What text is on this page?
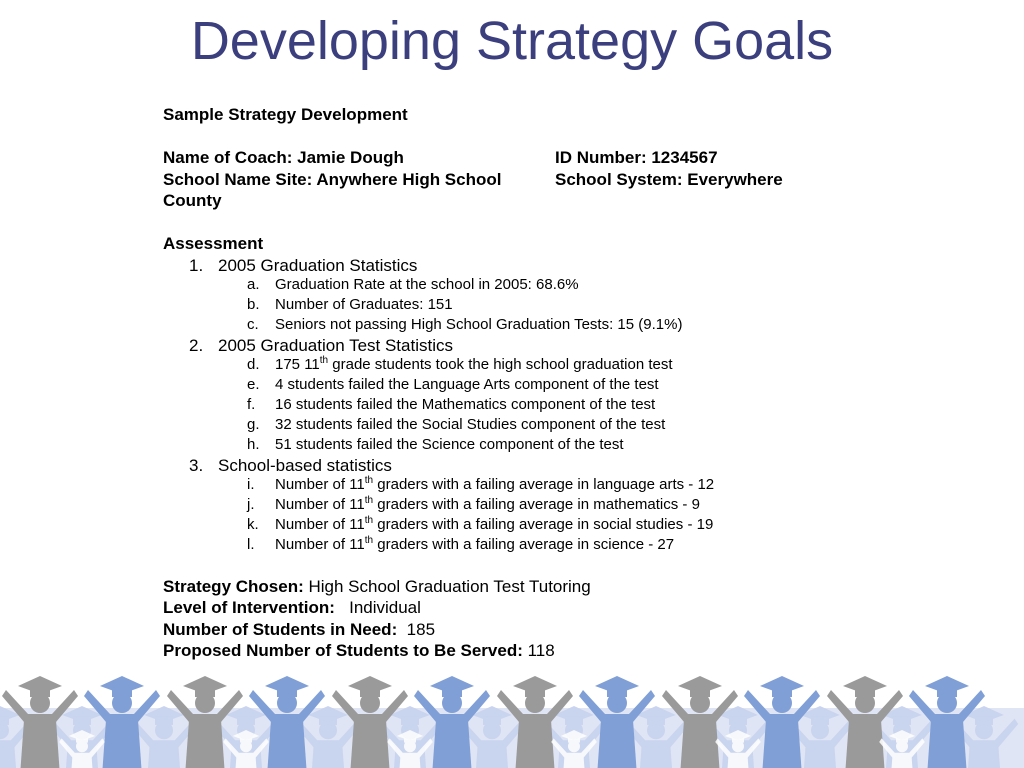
Developing Strategy Goals
Sample Strategy Development
Name of Coach: Jamie Dough	ID Number: 1234567
School Name Site: Anywhere High School	School System: Everywhere
County
Assessment
1. 2005 Graduation Statistics
a. Graduation Rate at the school in 2005: 68.6%
b. Number of Graduates: 151
c. Seniors not passing High School Graduation Tests: 15 (9.1%)
2. 2005 Graduation Test Statistics
d. 175 11th grade students took the high school graduation test
e. 4 students failed the Language Arts component of the test
f. 16 students failed the Mathematics component of the test
g. 32 students failed the Social Studies component of the test
h. 51 students failed the Science component of the test
3. School-based statistics
i. Number of 11th graders with a failing average in language arts - 12
j. Number of 11th graders with a failing average in mathematics - 9
k. Number of 11th graders with a failing average in social studies - 19
l. Number of 11th graders with a failing average in science - 27
Strategy Chosen: High School Graduation Test Tutoring
Level of Intervention:   Individual
Number of Students in Need:  185
Proposed Number of Students to Be Served: 118
